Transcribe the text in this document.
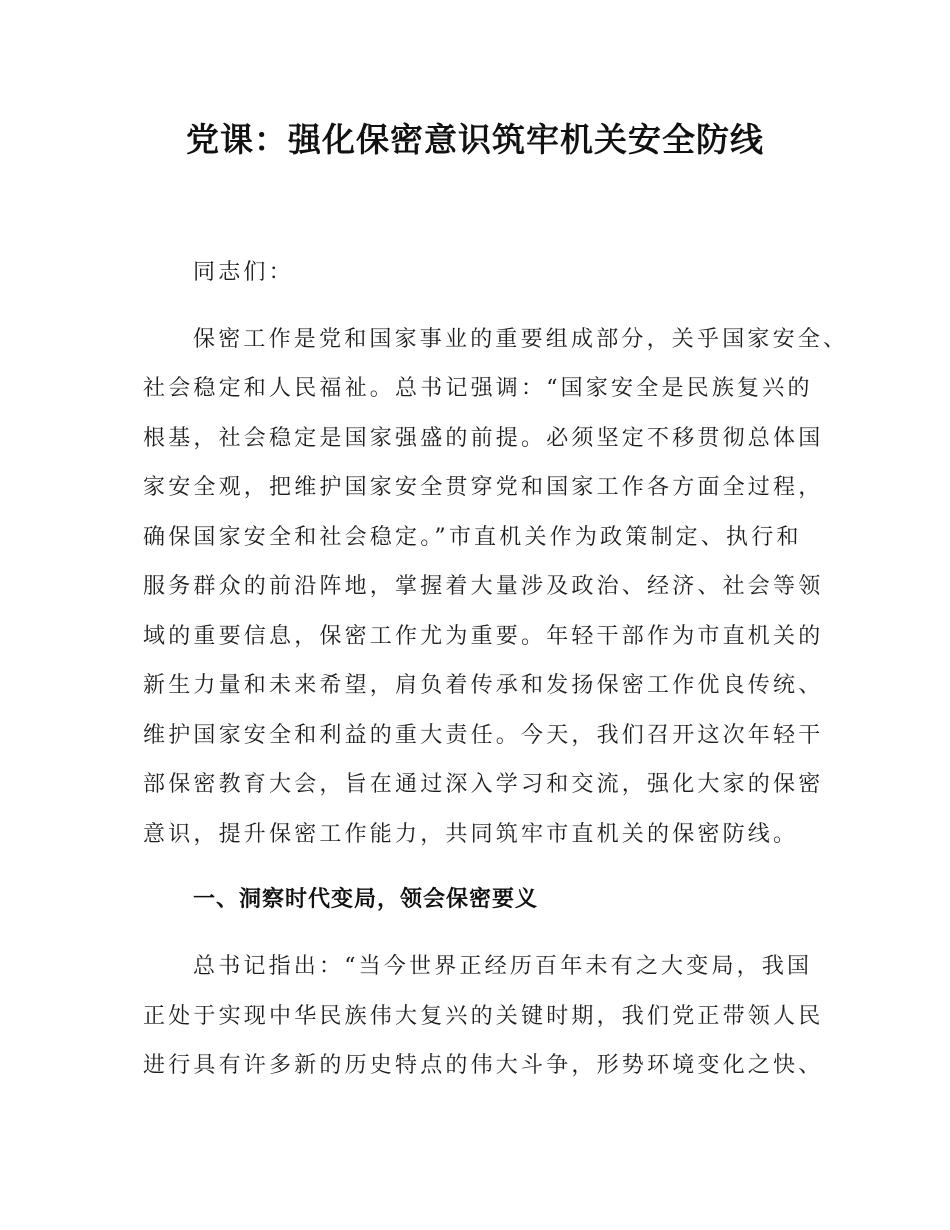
党课：强化保密意识筑牢机关安全防线
同志们：
保密工作是党和国家事业的重要组成部分，关乎国家安全、
社会稳定和人民福祉。总书记强调：“国家安全是民族复兴的
根基，社会稳定是国家强盛的前提。必须坚定不移贯彻总体国
家安全观，把维护国家安全贯穿党和国家工作各方面全过程，
确保国家安全和社会稳定。”市直机关作为政策制定、执行和
服务群众的前沿阵地，掌握着大量涉及政治、经济、社会等领
域的重要信息，保密工作尤为重要。年轻干部作为市直机关的
新生力量和未来希望，肩负着传承和发扬保密工作优良传统、
维护国家安全和利益的重大责任。今天，我们召开这次年轻干
部保密教育大会，旨在通过深入学习和交流，强化大家的保密
意识，提升保密工作能力，共同筑牢市直机关的保密防线。
一、洞察时代变局，领会保密要义
总书记指出：“当今世界正经历百年未有之大变局，我国
正处于实现中华民族伟大复兴的关键时期，我们党正带领人民
进行具有许多新的历史特点的伟大斗争，形势环境变化之快、
